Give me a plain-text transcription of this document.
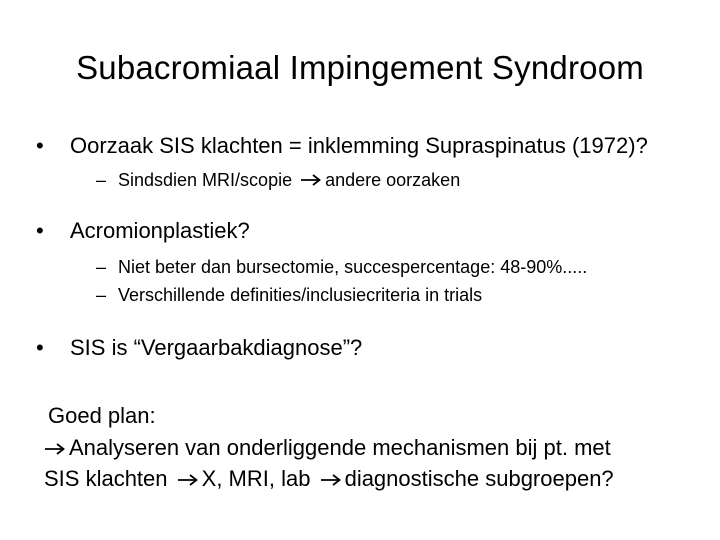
Subacromiaal Impingement Syndroom
• Oorzaak SIS klachten = inklemming Supraspinatus (1972)?
– Sindsdien MRI/scopie andere oorzaken
• Acromionplastiek?
– Niet beter dan bursectomie, succespercentage: 48-90%.....
– Verschillende definities/inclusiecriteria in trials
• SIS is “Vergaarbakdiagnose”?
Goed plan:
Analyseren van onderliggende mechanismen bij pt. met
SIS klachten X, MRI, lab diagnostische subgroepen?
